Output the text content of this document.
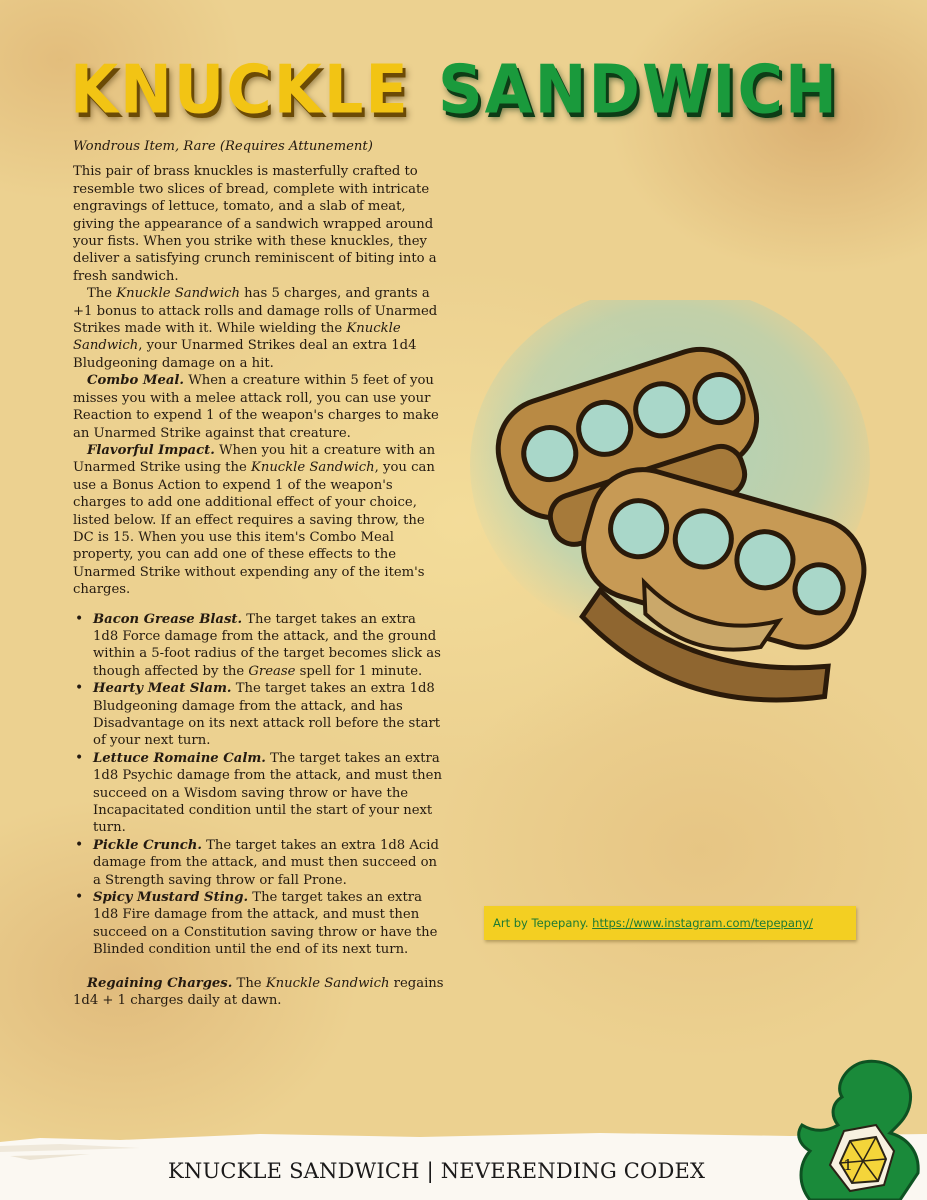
KNUCKLE SANDWICH

Wondrous Item, Rare (Requires Attunement)

This pair of brass knuckles is masterfully crafted to resemble two slices of bread, complete with intricate engravings of lettuce, tomato, and a slab of meat, giving the appearance of a sandwich wrapped around your fists. When you strike with these knuckles, they deliver a satisfying crunch reminiscent of biting into a fresh sandwich.

The Knuckle Sandwich has 5 charges, and grants a +1 bonus to attack rolls and damage rolls of Unarmed Strikes made with it. While wielding the Knuckle Sandwich, your Unarmed Strikes deal an extra 1d4 Bludgeoning damage on a hit.

Combo Meal. When a creature within 5 feet of you misses you with a melee attack roll, you can use your Reaction to expend 1 of the weapon's charges to make an Unarmed Strike against that creature.

Flavorful Impact. When you hit a creature with an Unarmed Strike using the Knuckle Sandwich, you can use a Bonus Action to expend 1 of the weapon's charges to add one additional effect of your choice, listed below. If an effect requires a saving throw, the DC is 15. When you use this item's Combo Meal property, you can add one of these effects to the Unarmed Strike without expending any of the item's charges.

• Bacon Grease Blast. The target takes an extra 1d8 Force damage from the attack, and the ground within a 5-foot radius of the target becomes slick as though affected by the Grease spell for 1 minute.
• Hearty Meat Slam. The target takes an extra 1d8 Bludgeoning damage from the attack, and has Disadvantage on its next attack roll before the start of your next turn.
• Lettuce Romaine Calm. The target takes an extra 1d8 Psychic damage from the attack, and must then succeed on a Wisdom saving throw or have the Incapacitated condition until the start of your next turn.
• Pickle Crunch. The target takes an extra 1d8 Acid damage from the attack, and must then succeed on a Strength saving throw or fall Prone.
• Spicy Mustard Sting. The target takes an extra 1d8 Fire damage from the attack, and must then succeed on a Constitution saving throw or have the Blinded condition until the end of its next turn.

Regaining Charges. The Knuckle Sandwich regains 1d4 + 1 charges daily at dawn.

Art by Tepepany. https://www.instagram.com/tepepany/
KNUCKLE SANDWICH | NEVERENDING CODEX	1
